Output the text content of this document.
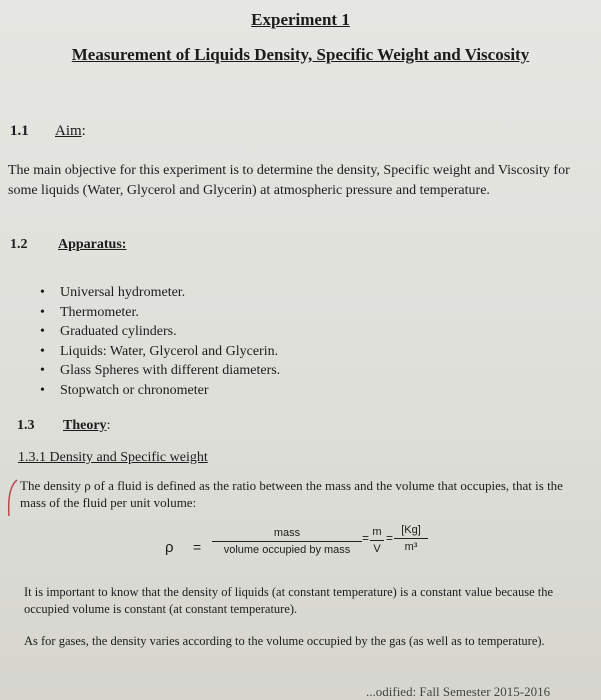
Experiment 1
Measurement of Liquids Density, Specific Weight and Viscosity
1.1 Aim:
The main objective for this experiment is to determine the density, Specific weight and Viscosity for some liquids (Water, Glycerol and Glycerin) at atmospheric pressure and temperature.
1.2 Apparatus:
•	Universal hydrometer.
•	Thermometer.
•	Graduated cylinders.
•	Liquids: Water, Glycerol and Glycerin.
•	Glass Spheres with different diameters.
•	Stopwatch or chronometer
1.3 Theory:
1.3.1 Density and Specific weight
The density ρ of a fluid is defined as the ratio between the mass and the volume that occupies, that is the mass of the fluid per unit volume:
ρ =
mass
volume occupied by mass
= m
V
=
[Kg]
m³
It is important to know that the density of liquids (at constant temperature) is a constant value because the occupied volume is constant (at constant temperature).
As for gases, the density varies according to the volume occupied by the gas (as well as to temperature).
...odified: Fall Semester 2015-2016
